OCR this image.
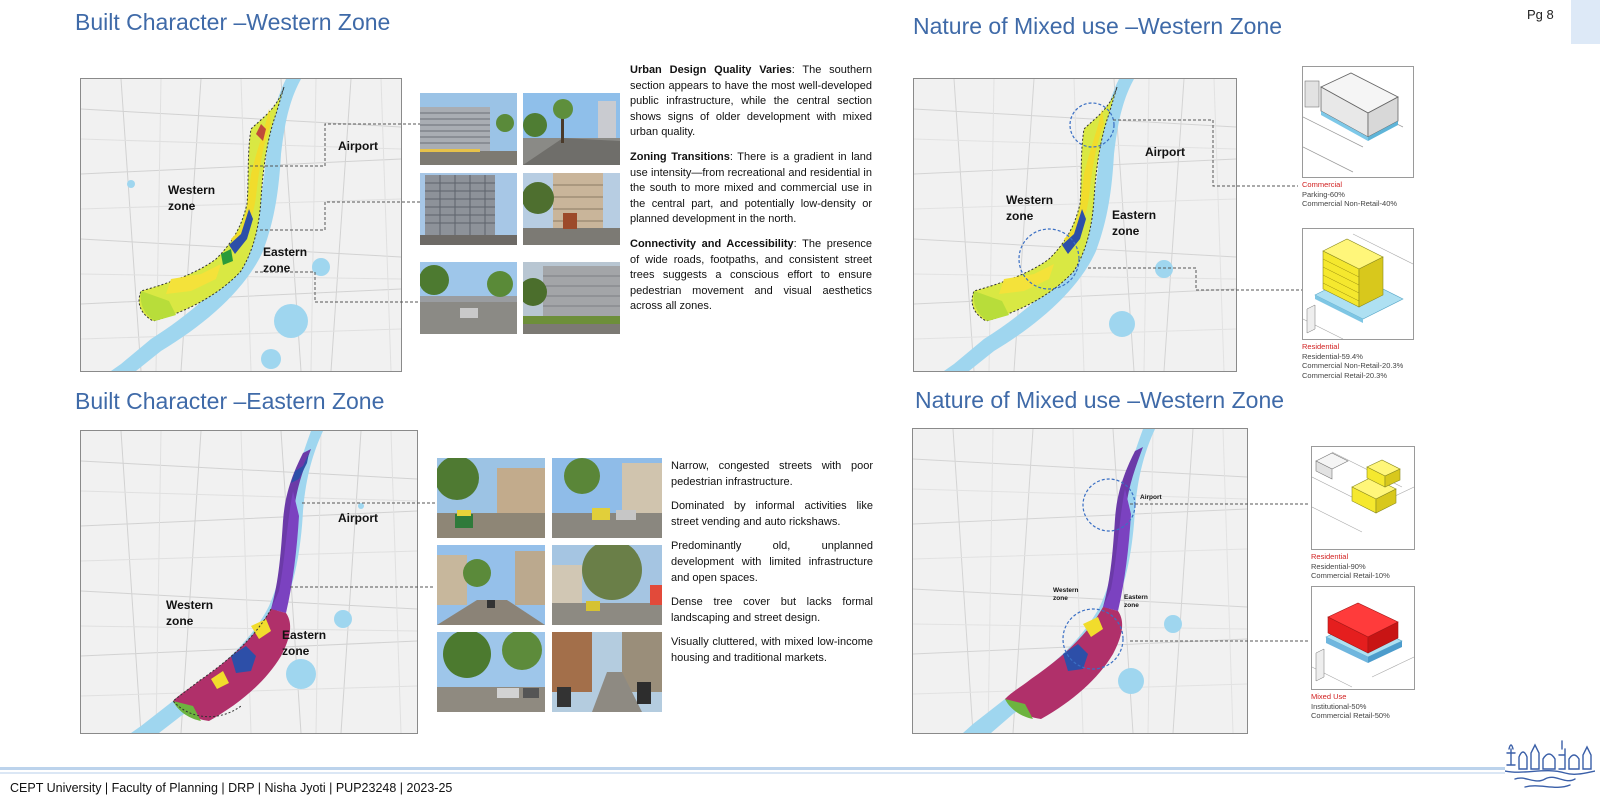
Pg 8
Built Character –Western Zone
Airport
Western zone
Eastern zone

Urban Design Quality Varies: The southern section appears to have the most well-developed public infrastructure, while the central section shows signs of older development with mixed urban quality.

Zoning Transitions: There is a gradient in land use intensity—from recreational and residential in the south to more mixed and commercial use in the central part, and potentially low-density or planned development in the north.

Connectivity and Accessibility: The presence of wide roads, footpaths, and consistent street trees suggests a conscious effort to ensure pedestrian movement and visual aesthetics across all zones.

Nature of Mixed use –Western Zone
Airport
Western zone	Eastern zone
Commercial
Parking-60%
Commercial Non-Retail-40%
Residential
Residential-59.4%
Commercial Non-Retail-20.3%
Commercial Retail-20.3%
Built Character –Eastern Zone
Airport
Western zone
Eastern zone

Narrow, congested streets with poor pedestrian infrastructure.

Dominated by informal activities like street vending and auto rickshaws.

Predominantly old, unplanned development with limited infrastructure and open spaces.

Dense tree cover but lacks formal landscaping and street design.

Visually cluttered, with mixed low-income housing and traditional markets.

Nature of Mixed use –Western Zone
Airport
Western zone	Eastern zone
Residential
Residential-90%
Commercial Retail-10%
Mixed Use
Institutional-50%
Commercial Retail-50%
CEPT University | Faculty of Planning | DRP | Nisha Jyoti | PUP23248 | 2023-25
